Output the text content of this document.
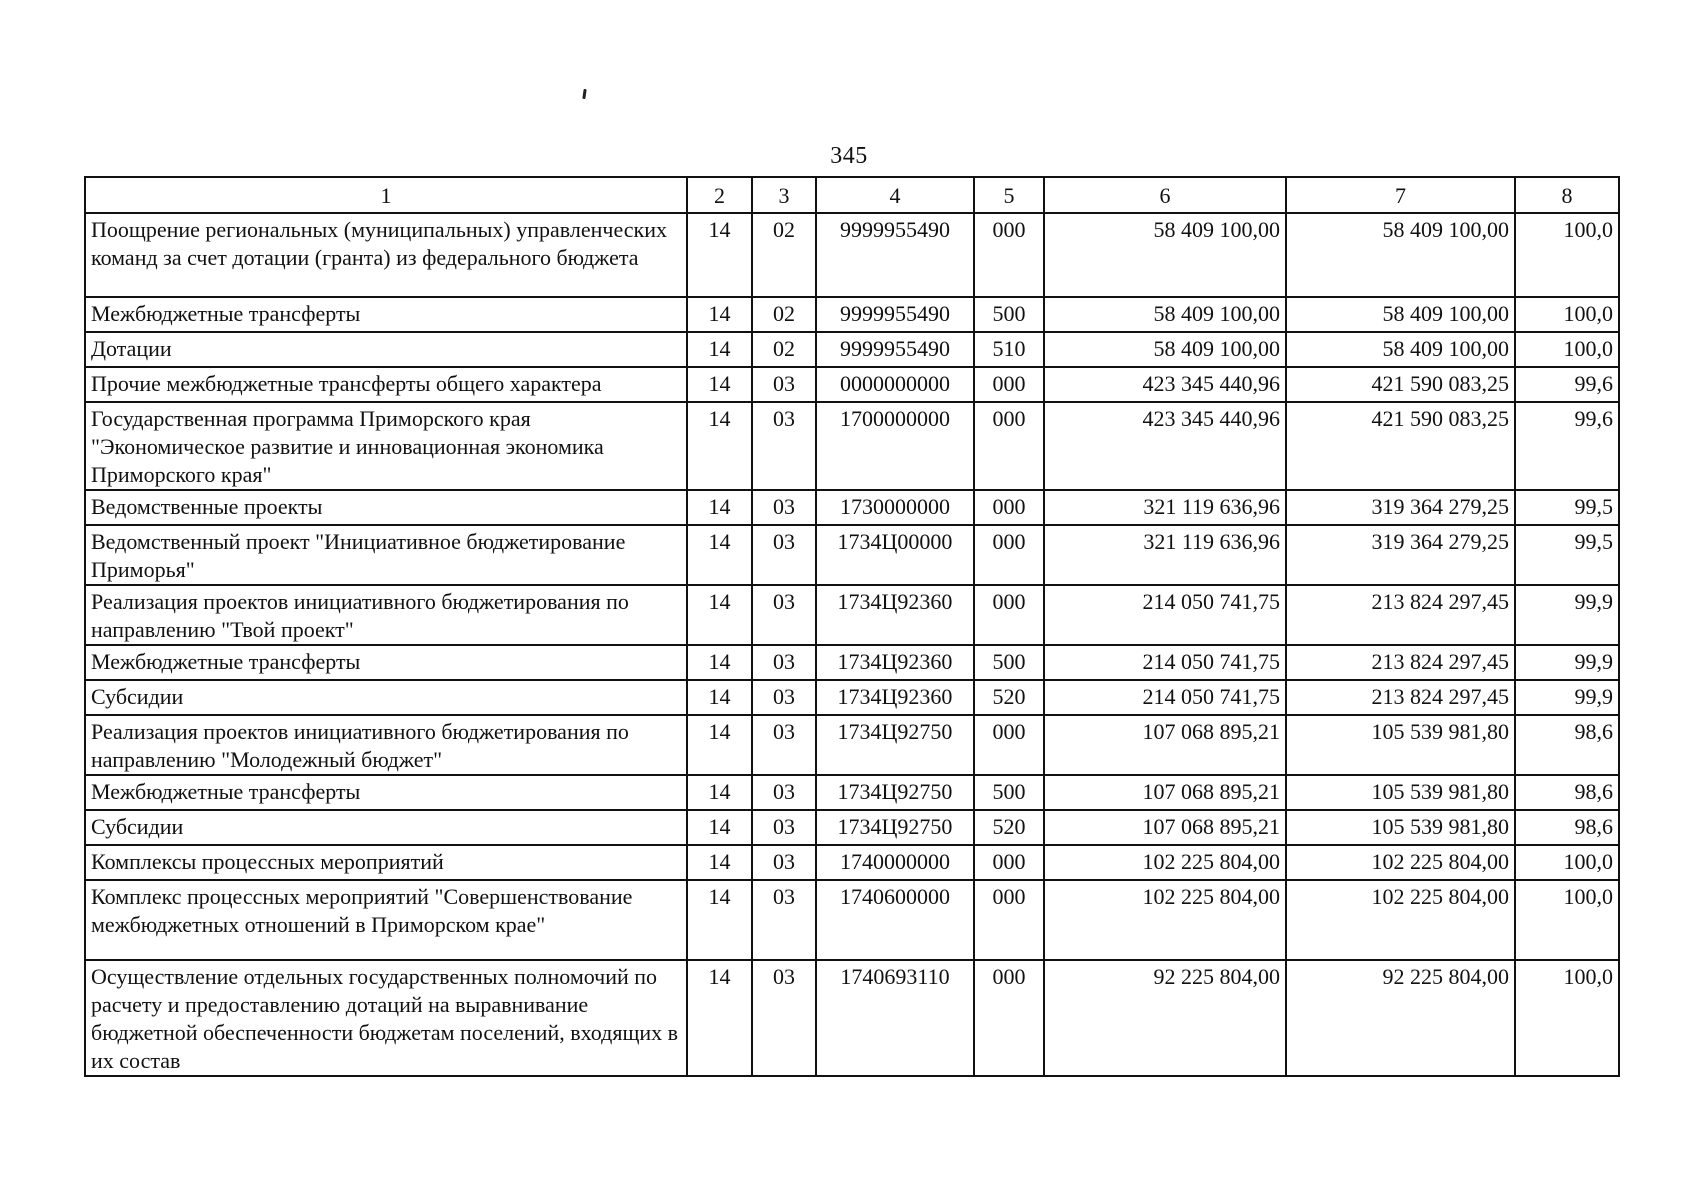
345
1	2	3	4	5	6	7	8
Поощрение региональных (муниципальных) управленческих команд за счет дотации (гранта) из федерального бюджета	14	02	9999955490	000	58 409 100,00	58 409 100,00	100,0
Межбюджетные трансферты	14	02	9999955490	500	58 409 100,00	58 409 100,00	100,0
Дотации	14	02	9999955490	510	58 409 100,00	58 409 100,00	100,0
Прочие межбюджетные трансферты общего характера	14	03	0000000000	000	423 345 440,96	421 590 083,25	99,6
Государственная программа Приморского края "Экономическое развитие и инновационная экономика Приморского края"	14	03	1700000000	000	423 345 440,96	421 590 083,25	99,6
Ведомственные проекты	14	03	1730000000	000	321 119 636,96	319 364 279,25	99,5
Ведомственный проект "Инициативное бюджетирование Приморья"	14	03	1734Ц00000	000	321 119 636,96	319 364 279,25	99,5
Реализация проектов инициативного бюджетирования по направлению "Твой проект"	14	03	1734Ц92360	000	214 050 741,75	213 824 297,45	99,9
Межбюджетные трансферты	14	03	1734Ц92360	500	214 050 741,75	213 824 297,45	99,9
Субсидии	14	03	1734Ц92360	520	214 050 741,75	213 824 297,45	99,9
Реализация проектов инициативного бюджетирования по направлению "Молодежный бюджет"	14	03	1734Ц92750	000	107 068 895,21	105 539 981,80	98,6
Межбюджетные трансферты	14	03	1734Ц92750	500	107 068 895,21	105 539 981,80	98,6
Субсидии	14	03	1734Ц92750	520	107 068 895,21	105 539 981,80	98,6
Комплексы процессных мероприятий	14	03	1740000000	000	102 225 804,00	102 225 804,00	100,0
Комплекс процессных мероприятий "Совершенствование межбюджетных отношений в Приморском крае"	14	03	1740600000	000	102 225 804,00	102 225 804,00	100,0
Осуществление отдельных государственных полномочий по расчету и предоставлению дотаций на выравнивание бюджетной обеспеченности бюджетам поселений, входящих в их состав	14	03	1740693110	000	92 225 804,00	92 225 804,00	100,0
